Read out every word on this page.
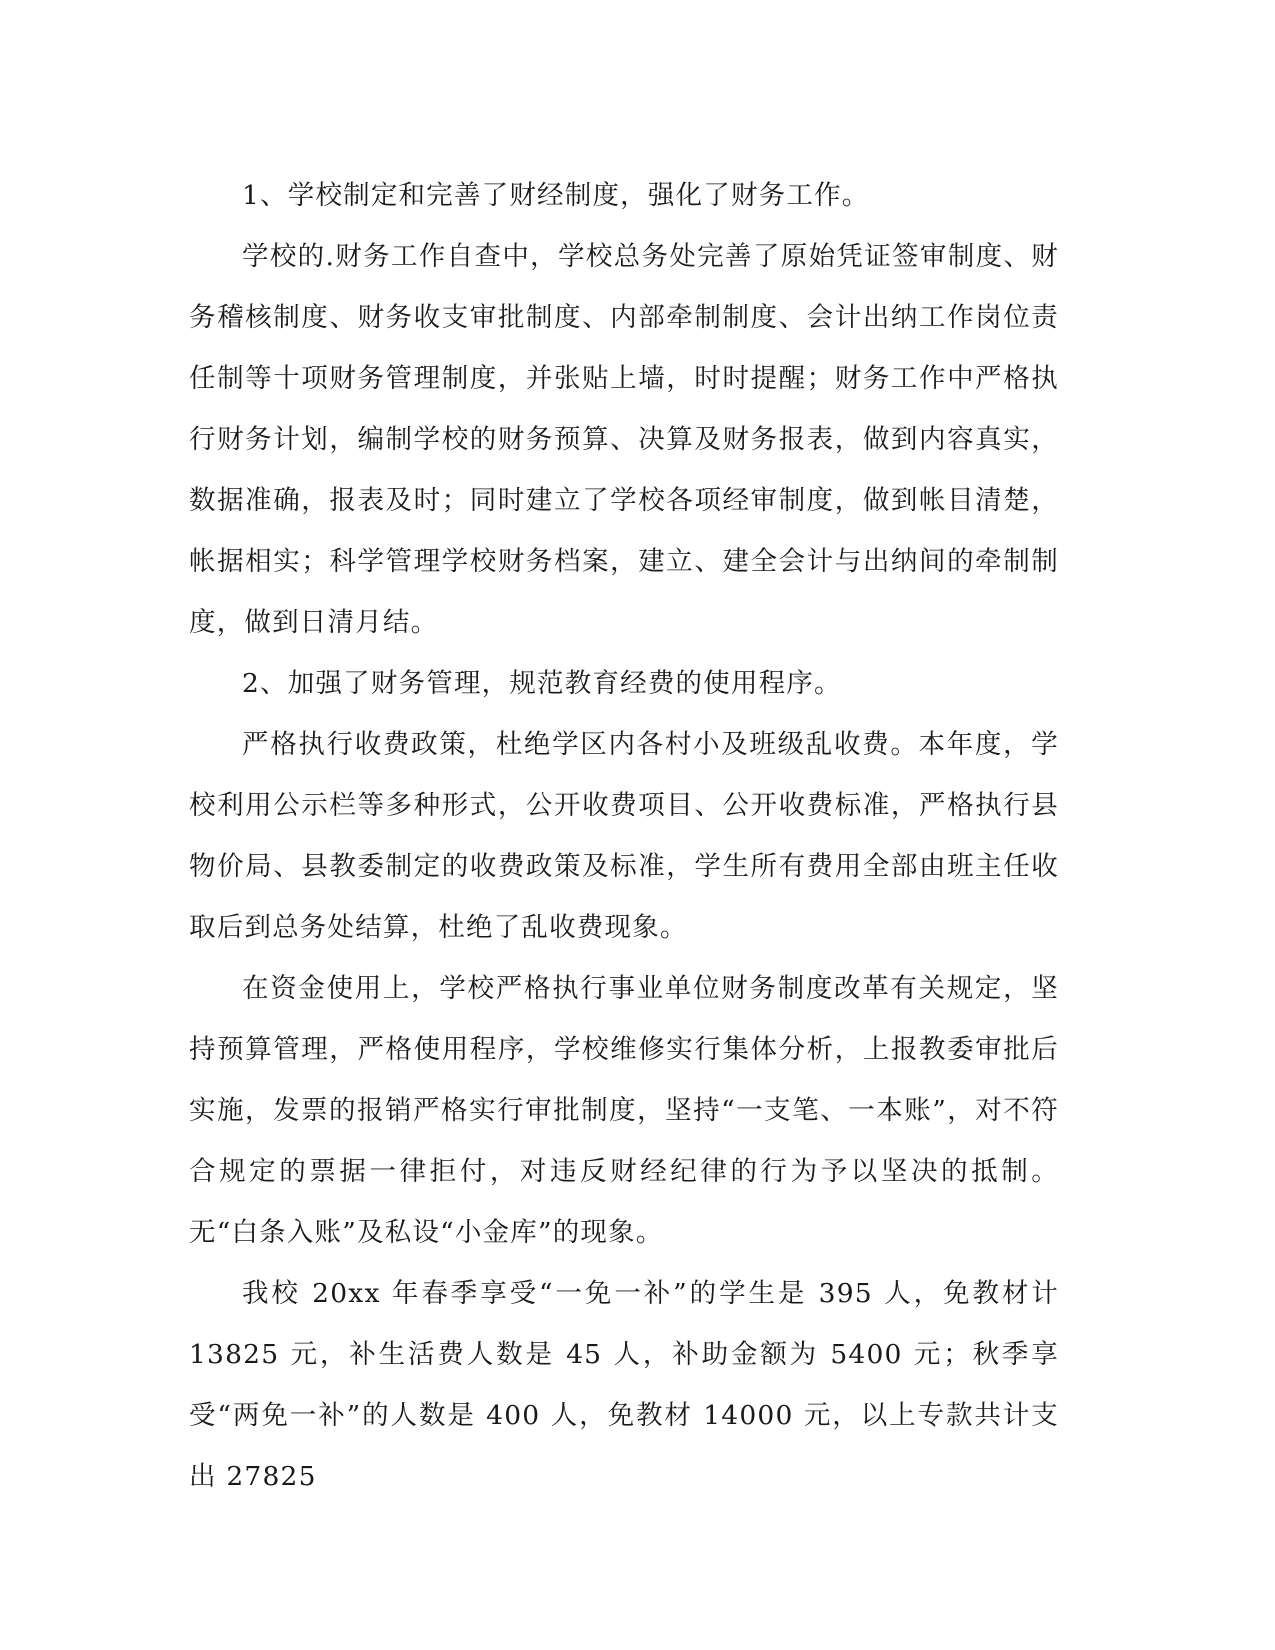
1、学校制定和完善了财经制度，强化了财务工作。

学校的.财务工作自查中，学校总务处完善了原始凭证签审制度、财务稽核制度、财务收支审批制度、内部牵制制度、会计出纳工作岗位责任制等十项财务管理制度，并张贴上墙，时时提醒；财务工作中严格执行财务计划，编制学校的财务预算、决算及财务报表，做到内容真实，数据准确，报表及时；同时建立了学校各项经审制度，做到帐目清楚，帐据相实；科学管理学校财务档案，建立、建全会计与出纳间的牵制制度，做到日清月结。

2、加强了财务管理，规范教育经费的使用程序。

严格执行收费政策，杜绝学区内各村小及班级乱收费。本年度，学校利用公示栏等多种形式，公开收费项目、公开收费标准，严格执行县物价局、县教委制定的收费政策及标准，学生所有费用全部由班主任收取后到总务处结算，杜绝了乱收费现象。

在资金使用上，学校严格执行事业单位财务制度改革有关规定，坚持预算管理，严格使用程序，学校维修实行集体分析，上报教委审批后实施，发票的报销严格实行审批制度，坚持“一支笔、一本账”，对不符合规定的票据一律拒付，对违反财经纪律的行为予以坚决的抵制。无“白条入账”及私设“小金库”的现象。

我校 20xx 年春季享受“一免一补”的学生是 395 人，免教材计 13825 元，补生活费人数是 45 人，补助金额为 5400 元；秋季享受“两免一补”的人数是 400 人，免教材 14000 元，以上专款共计支出 27825
